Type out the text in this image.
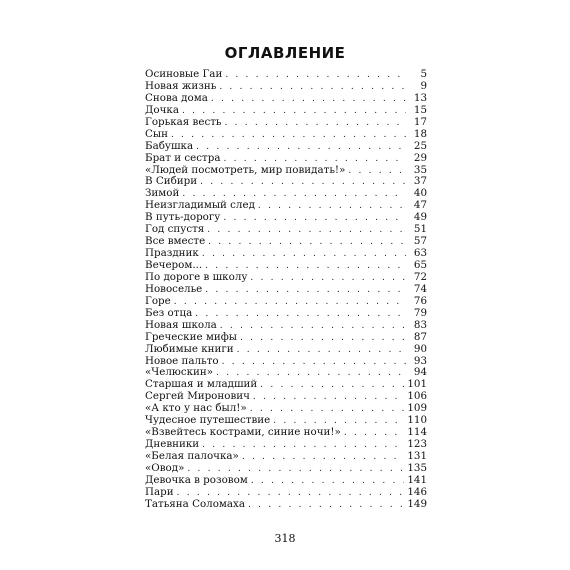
ОГЛАВЛЕНИЕ
Осиновые Гаи . . .	5
Новая жизнь . . .	9
Снова дома . . .	13
Дочка . . .	15
Горькая весть . . .	17
Сын . . .	18
Бабушка . . .	25
Брат и сестра . . .	29
«Людей посмотреть, мир повидать!» . . .	35
В Сибири . . .	37
Зимой . . .	40
Неизгладимый след . . .	47
В путь-дорогу . . .	49
Год спустя . . .	51
Все вместе . . .	57
Праздник . . .	63
Вечером... . . .	65
По дороге в школу . . .	72
Новоселье . . .	74
Горе . . .	76
Без отца . . .	79
Новая школа . . .	83
Греческие мифы . . .	87
Любимые книги . . .	90
Новое пальто . . .	93
«Челюскин» . . .	94
Старшая и младший . . .	101
Сергей Миронович . . .	106
«А кто у нас был!» . . .	109
Чудесное путешествие . . .	110
«Взвейтесь кострами, синие ночи!» . . .	114
Дневники . . .	123
«Белая палочка» . . .	131
«Овод» . . .	135
Девочка в розовом . . .	141
Пари . . .	146
Татьяна Соломаха . . .	149
318
